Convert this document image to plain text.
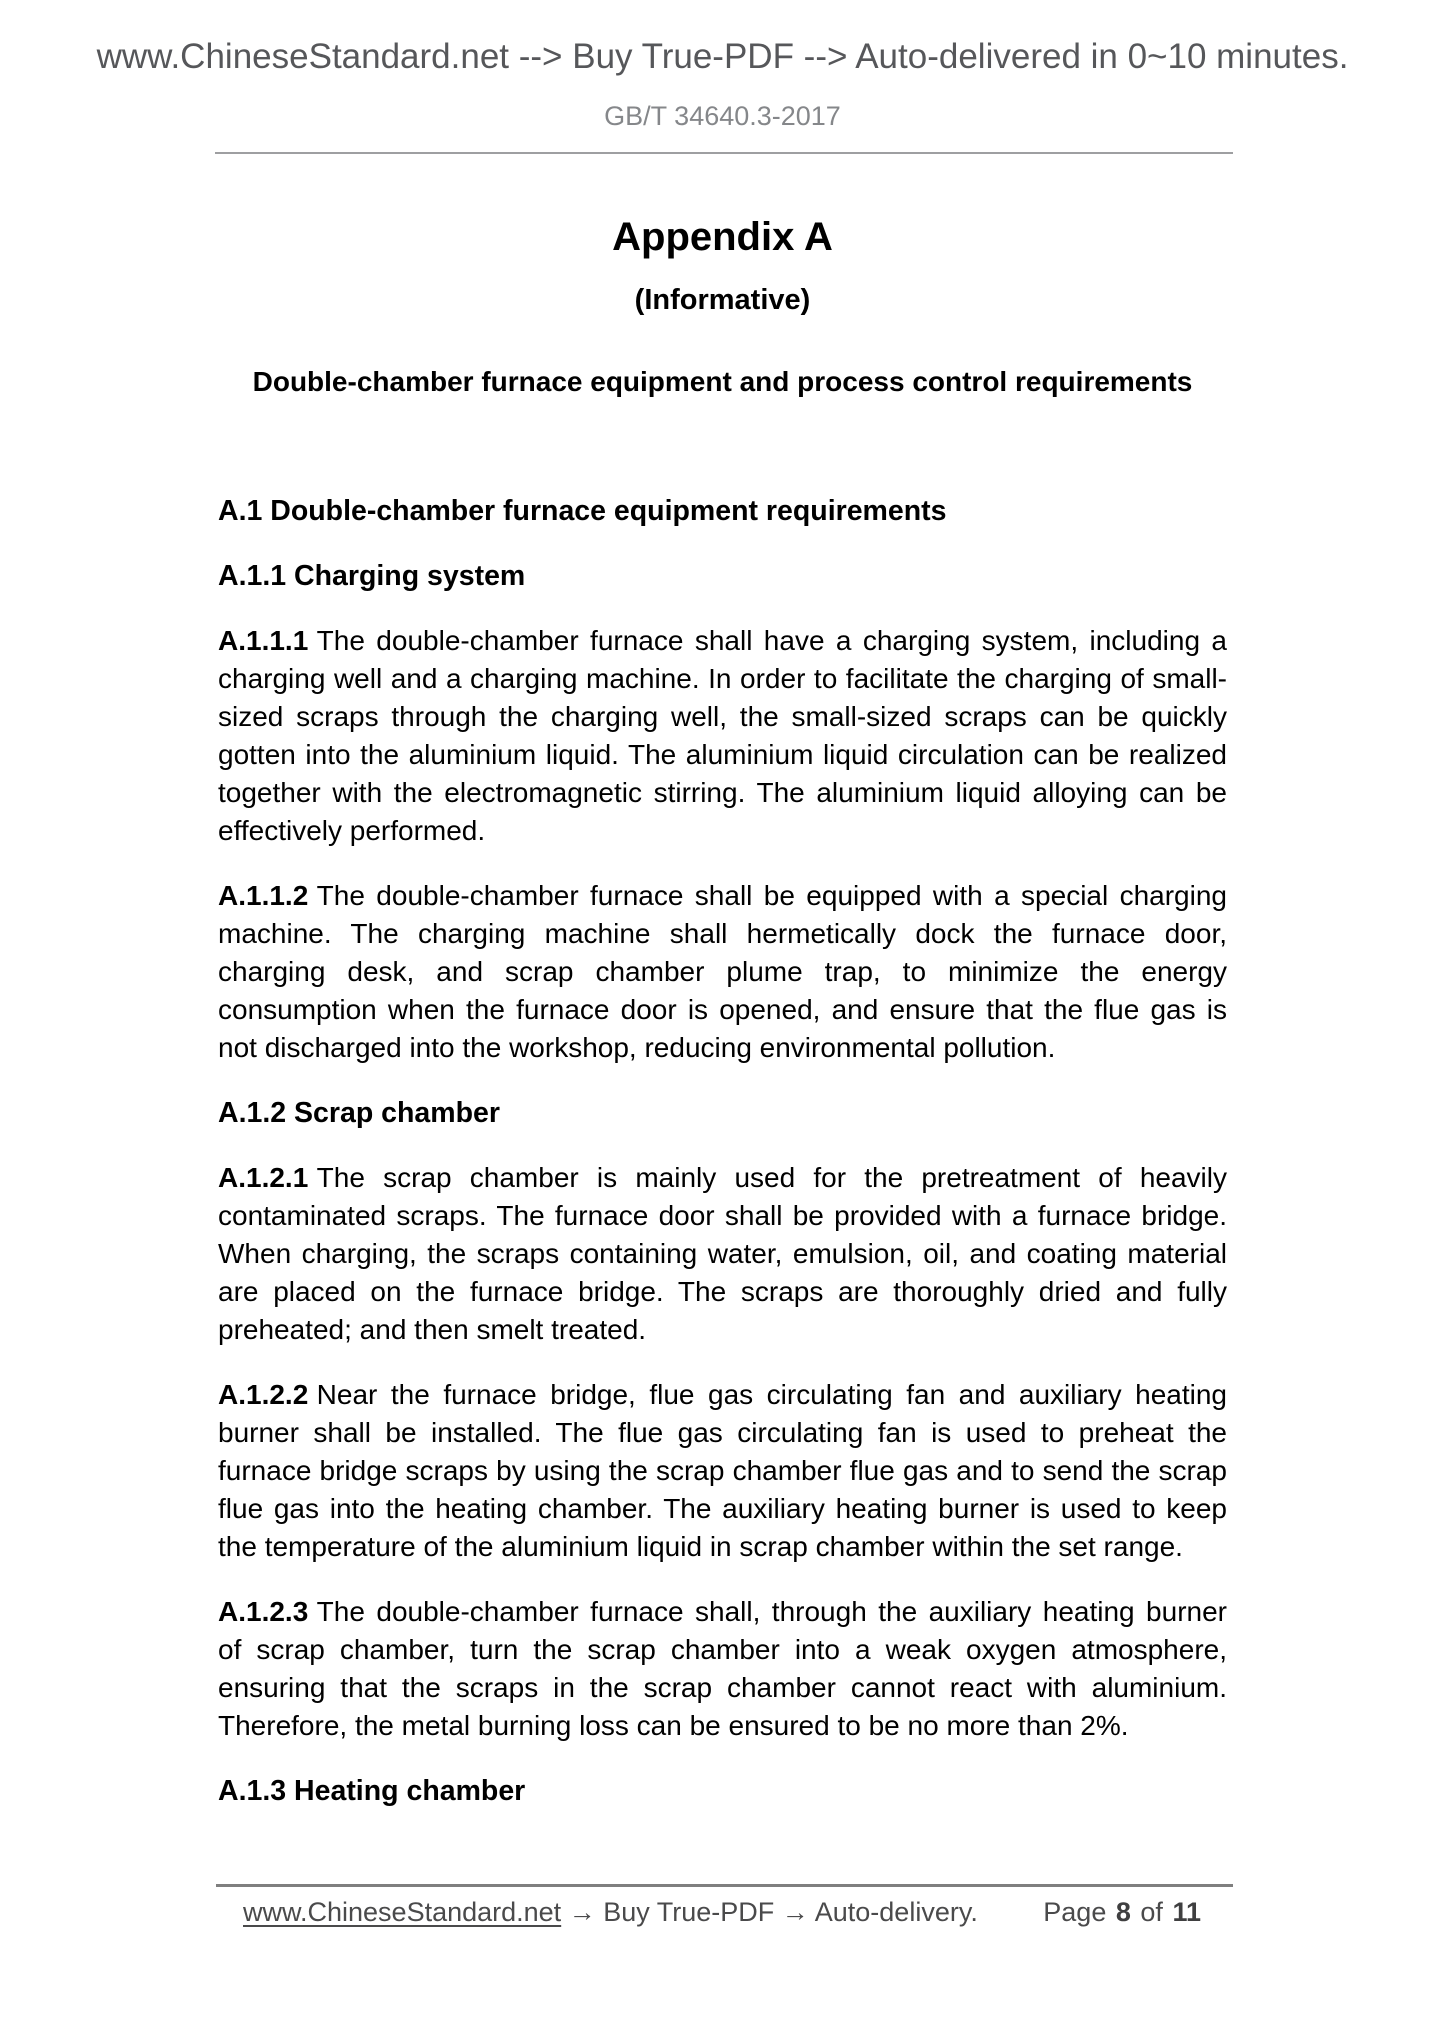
www.ChineseStandard.net --> Buy True-PDF --> Auto-delivered in 0~10 minutes.
GB/T 34640.3-2017
Appendix A
(Informative)
Double-chamber furnace equipment and process control requirements
A.1 Double-chamber furnace equipment requirements
A.1.1 Charging system

A.1.1.1 The double-chamber furnace shall have a charging system, including a charging well and a charging machine. In order to facilitate the charging of small-sized scraps through the charging well, the small-sized scraps can be quickly gotten into the aluminium liquid. The aluminium liquid circulation can be realized together with the electromagnetic stirring. The aluminium liquid alloying can be effectively performed.

A.1.1.2 The double-chamber furnace shall be equipped with a special charging machine. The charging machine shall hermetically dock the furnace door, charging desk, and scrap chamber plume trap, to minimize the energy consumption when the furnace door is opened, and ensure that the flue gas is not discharged into the workshop, reducing environmental pollution.

A.1.2 Scrap chamber

A.1.2.1 The scrap chamber is mainly used for the pretreatment of heavily contaminated scraps. The furnace door shall be provided with a furnace bridge. When charging, the scraps containing water, emulsion, oil, and coating material are placed on the furnace bridge. The scraps are thoroughly dried and fully preheated; and then smelt treated.

A.1.2.2 Near the furnace bridge, flue gas circulating fan and auxiliary heating burner shall be installed. The flue gas circulating fan is used to preheat the furnace bridge scraps by using the scrap chamber flue gas and to send the scrap flue gas into the heating chamber. The auxiliary heating burner is used to keep the temperature of the aluminium liquid in scrap chamber within the set range.

A.1.2.3 The double-chamber furnace shall, through the auxiliary heating burner of scrap chamber, turn the scrap chamber into a weak oxygen atmosphere, ensuring that the scraps in the scrap chamber cannot react with aluminium. Therefore, the metal burning loss can be ensured to be no more than 2%.

A.1.3 Heating chamber
www.ChineseStandard.net → Buy True-PDF → Auto-delivery. Page 8 of 11
